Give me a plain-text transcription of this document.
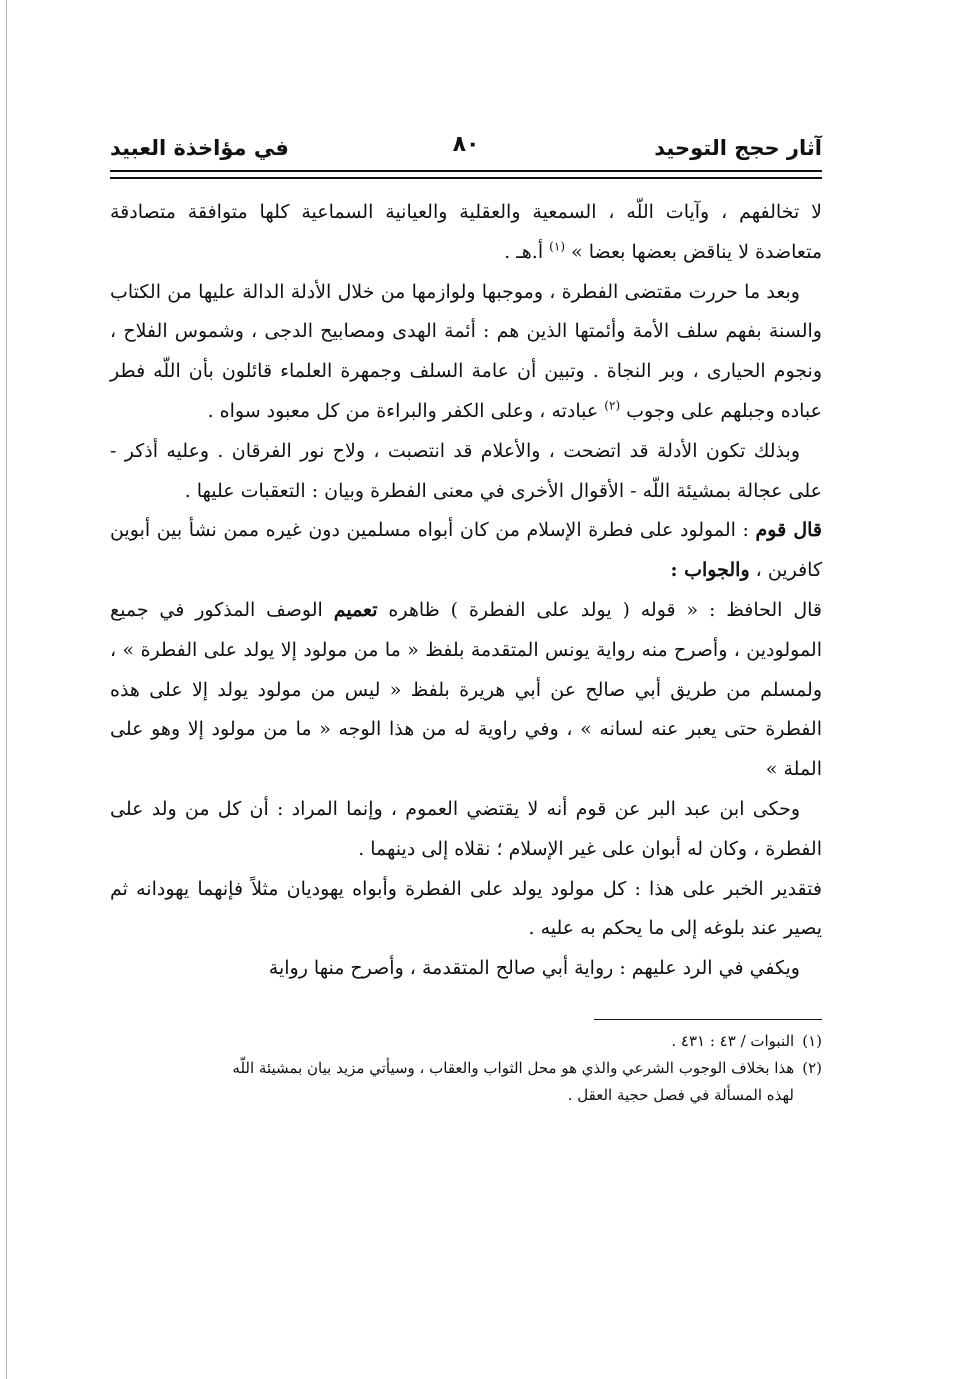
آثار حجج التوحيد
٨٠
في مؤاخذة العبيد

لا تخالفهم ، وآيات اللّه ، السمعية والعقلية والعيانية السماعية كلها متوافقة متصادقة متعاضدة لا يناقض بعضها بعضا » $^{(١)}$ أ.هـ .

وبعد ما حررت مقتضى الفطرة ، وموجبها ولوازمها من خلال الأدلة الدالة عليها من الكتاب والسنة بفهم سلف الأمة وأئمتها الذين هم : أئمة الهدى ومصابيح الدجى ، وشموس الفلاح ، ونجوم الحيارى ، وبر النجاة . وتبين أن عامة السلف وجمهرة العلماء قائلون بأن اللّه فطر عباده وجبلهم على وجوب $^{(٢)}$ عبادته ، وعلى الكفر والبراءة من كل معبود سواه .

وبذلك تكون الأدلة قد اتضحت ، والأعلام قد انتصبت ، ولاح نور الفرقان . وعليه أذكر - على عجالة بمشيئة اللّه - الأقوال الأخرى في معنى الفطرة وبيان : التعقبات عليها .

قال قوم : المولود على فطرة الإسلام من كان أبواه مسلمين دون غيره ممن نشأ بين أبوين كافرين ، والجواب :

قال الحافظ : « قوله ( يولد على الفطرة ) ظاهره تعميم الوصف المذكور في جميع المولودين ، وأصرح منه رواية يونس المتقدمة بلفظ « ما من مولود إلا يولد على الفطرة » ، ولمسلم من طريق أبي صالح عن أبي هريرة بلفظ « ليس من مولود يولد إلا على هذه الفطرة حتى يعبر عنه لسانه » ، وفي راوية له من هذا الوجه « ما من مولود إلا وهو على الملة »

وحكى ابن عبد البر عن قوم أنه لا يقتضي العموم ، وإنما المراد : أن كل من ولد على الفطرة ، وكان له أبوان على غير الإسلام ؛ نقلاه إلى دينهما .

فتقدير الخبر على هذا : كل مولود يولد على الفطرة وأبواه يهوديان مثلاً فإنهما يهودانه ثم يصير عند بلوغه إلى ما يحكم به عليه .

ويكفي في الرد عليهم : رواية أبي صالح المتقدمة ، وأصرح منها رواية

(١)النبوات / ٤٣ : ٤٣١ .

(٢)هذا بخلاف الوجوب الشرعي والذي هو محل الثواب والعقاب ، وسيأتي مزيد بيان بمشيئة اللّه

لهذه المسألة في فصل حجية العقل .
